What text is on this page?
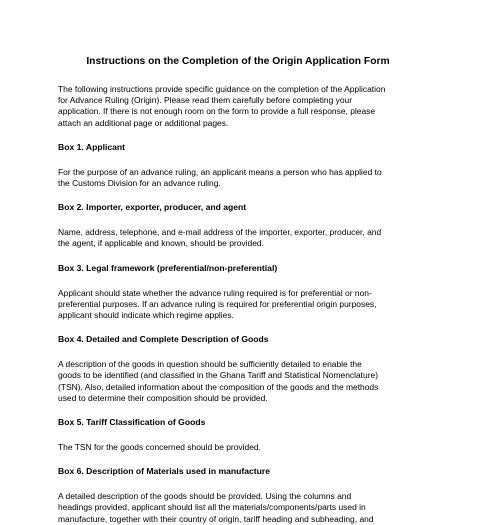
Instructions on the Completion of the Origin Application Form

The following instructions provide specific guidance on the completion of the Application
for Advance Ruling (Origin). Please read them carefully before completing your
application. If there is not enough room on the form to provide a full response, please
attach an additional page or additional pages.

Box 1. Applicant

For the purpose of an advance ruling, an applicant means a person who has applied to
the Customs Division for an advance ruling.

Box 2. Importer, exporter, producer, and agent

Name, address, telephone, and e-mail address of the importer, exporter, producer, and
the agent, if applicable and known, should be provided.

Box 3. Legal framework (preferential/non-preferential)

Applicant should state whether the advance ruling required is for preferential or non-
preferential purposes. If an advance ruling is required for preferential origin purposes,
applicant should indicate which regime applies.

Box 4. Detailed and Complete Description of Goods

A description of the goods in question should be sufficiently detailed to enable the
goods to be identified (and classified in the Ghana Tariff and Statistical Nomenclature)
(TSN). Also, detailed information about the composition of the goods and the methods
used to determine their composition should be provided.

Box 5. Tariff Classification of Goods

The TSN for the goods concerned should be provided.

Box 6. Description of Materials used in manufacture

A detailed description of the goods should be provided. Using the columns and
headings provided, applicant should list all the materials/components/parts used in
manufacture, together with their country of origin, tariff heading and subheading, and
